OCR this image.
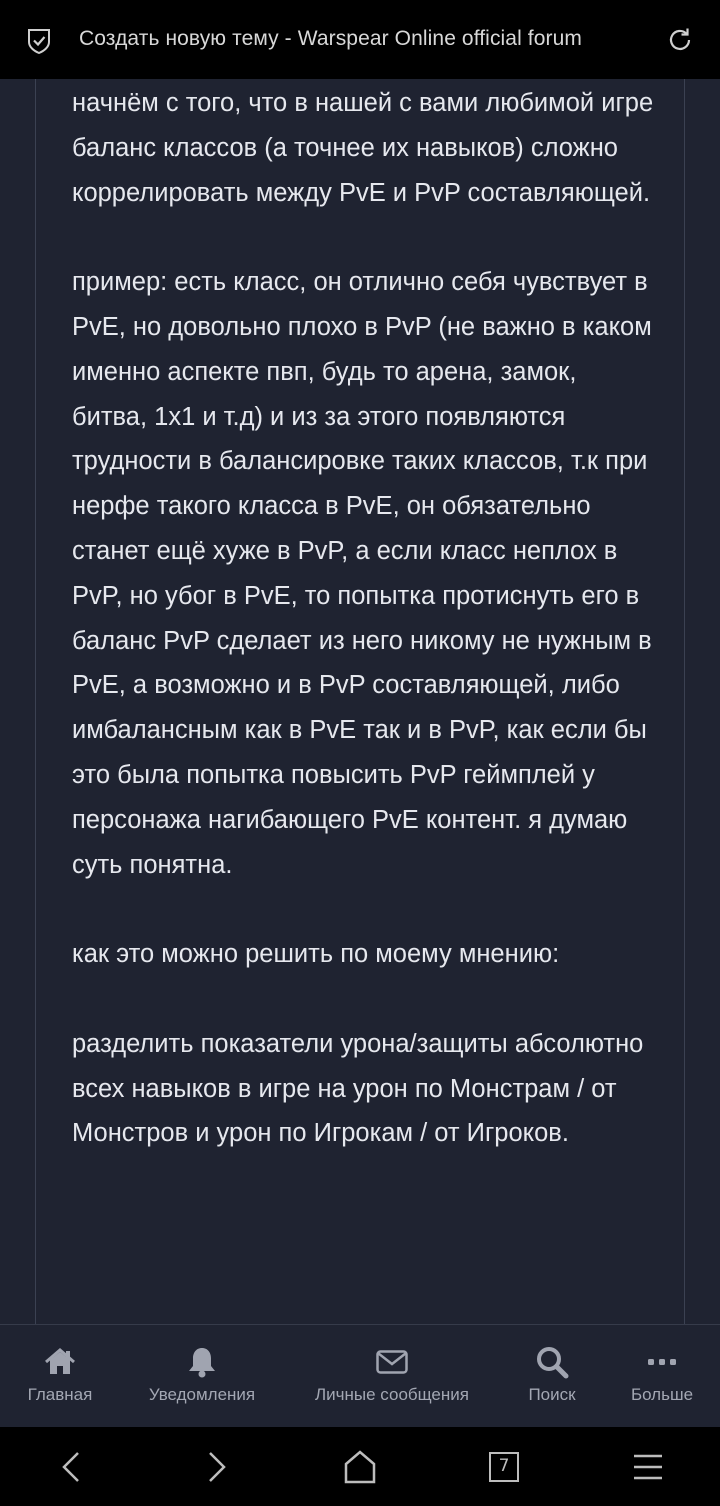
Создать новую тему - Warspear Online official forum

начнём с того, что в нашей с вами любимой игре баланс классов (а точнее их навыков) сложно коррелировать между PvE и PvP составляющей.

пример: есть класс, он отлично себя чувствует в PvE, но довольно плохо в PvP (не важно в каком именно аспекте пвп, будь то арена, замок, битва, 1х1 и т.д) и из за этого появляются трудности в балансировке таких классов, т.к при нерфе такого класса в PvE, он обязательно станет ещё хуже в PvP, а если класс неплох в PvP, но убог в PvE, то попытка протиснуть его в баланс PvP сделает из него никому не нужным в PvE, а возможно и в PvP составляющей, либо имбалансным как в PvE так и в PvP, как если бы это была попытка повысить PvP геймплей у персонажа нагибающего PvE контент. я думаю суть понятна.

как это можно решить по моему мнению:

разделить показатели урона/защиты абсолютно всех навыков в игре на урон по Монстрам / от Монстров и урон по Игрокам / от Игроков.

Главная	Уведомления	Личные сообщения	Поиск	Больше
7
